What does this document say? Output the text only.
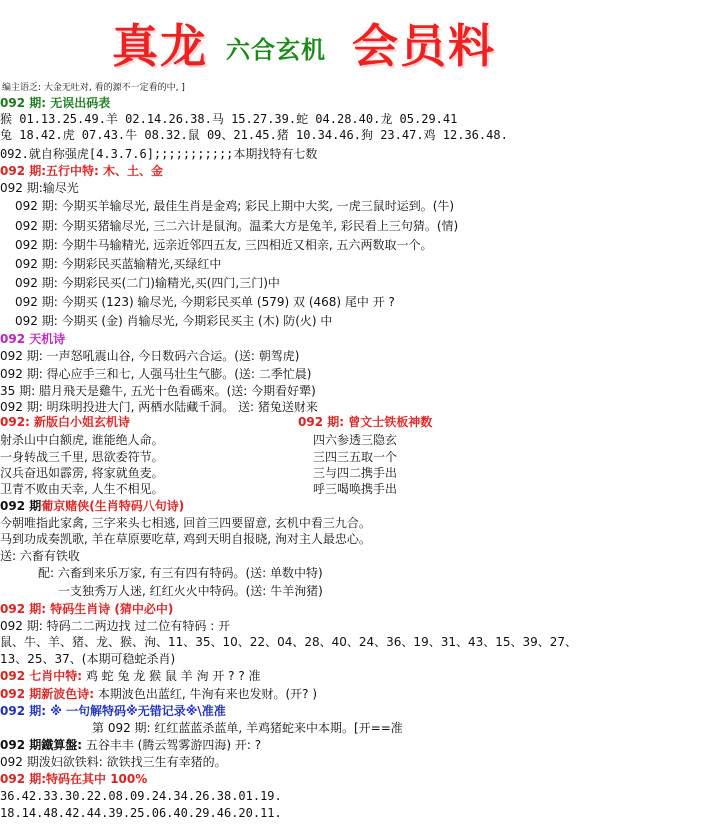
真龙 六合玄机 会员料
编主语乏: 大金无吐对, 看的源不一定看的中, ]
092 期: 无误出码表
猴 01.13.25.49.羊 02.14.26.38.马 15.27.39.蛇 04.28.40.龙 05.29.41
兔 18.42.虎 07.43.牛 08.32.鼠 09、21.45.猪 10.34.46.狗 23.47.鸡 12.36.48.
092.就自称强虎[4.3.7.6];;;;;;;;;;;本期找特有七数
092 期:五行中特: 木、土、金
092 期:输尽光
092 期: 今期买羊输尽光, 最佳生肖是金鸡; 彩民上期中大奖, 一虎三鼠时运到。(牛)
092 期: 今期买猪输尽光, 三二六计是鼠洵。温柔大方是兔羊, 彩民看上三句猜。(情)
092 期: 今期牛马输精光, 远亲近邻四五友, 三四相近又相亲, 五六两数取一个。
092 期: 今期彩民买蓝输精光,买绿红中
092 期: 今期彩民买(二门)输精光,买(四门,三门)中
092 期: 今期买 (123) 输尽光, 今期彩民买单 (579) 双 (468) 尾中 开 ?
092 期: 今期买 (金) 肖输尽光, 今期彩民买主 (木) 防(火) 中
092 天机诗
092 期: 一声怒吼震山谷, 今日数码六合运。(送: 朝驾虎)
092 期: 得心应手三和七, 人强马壮生气膨。(送: 二季忙晨)
35 期: 腊月飛天是雞牛, 五光十色看碼來。(送: 今期看好犟)
092 期: 明珠明投进大门, 两栖水陆藏千洞。 送: 猪兔送财来
092: 新版白小姐玄机诗	092 期: 曾文士铁板神数
射杀山中白额虎, 谁能绝人命。
一身转战三千里, 思欲委符节。
汉兵奋迅如霹雳, 将家就鱼麦。
卫青不败由天幸, 人生不相见。
四六参透三隐玄
三四三五取一个
三与四二携手出
呼三喝唤携手出
092 期葡京赌侠(生肖特码八句诗)
今朝唯指此家禽, 三字来头七相逃, 回首三四要留意, 玄机中看三九合。
马到功成奏凯歌, 羊在草原要吃草, 鸡到天明自报晓, 洵对主人最忠心。
送: 六畜有铁收
配: 六畜到来乐万家, 有三有四有特码。(送: 单数中特)
一支独秀万人迷, 红红火火中特码。(送: 牛羊洵猪)
092 期: 特码生肖诗 (猜中必中)
092 期: 特码二二两边找 过二位有特码 : 开
鼠、牛、羊、猪、龙、猴、洵、11、35、10、22、04、28、40、24、36、19、31、43、15、39、27、
13、25、37、(本期可稳蛇杀肖)
092 七肖中特: 鸡 蛇 兔 龙 猴 鼠 羊 洵 开 ? ? 准
092 期新波色诗: 本期波色出蓝红, 牛洵有来也发财。(开? )
092 期: ※ 一句解特码※无错记录※\准准
第 092 期: 红红蓝蓝杀蓝单, 羊鸡猪蛇来中本期。[开==准
092 期鐵算盤: 五谷丰丰 (腾云驾雾游四海) 开: ?
092 期泼妇欲铁料: 欲铁找三生有幸猪的。
092 期:特码在其中 100%
36.42.33.30.22.08.09.24.34.26.38.01.19.
18.14.48.42.44.39.25.06.40.29.46.20.11.
